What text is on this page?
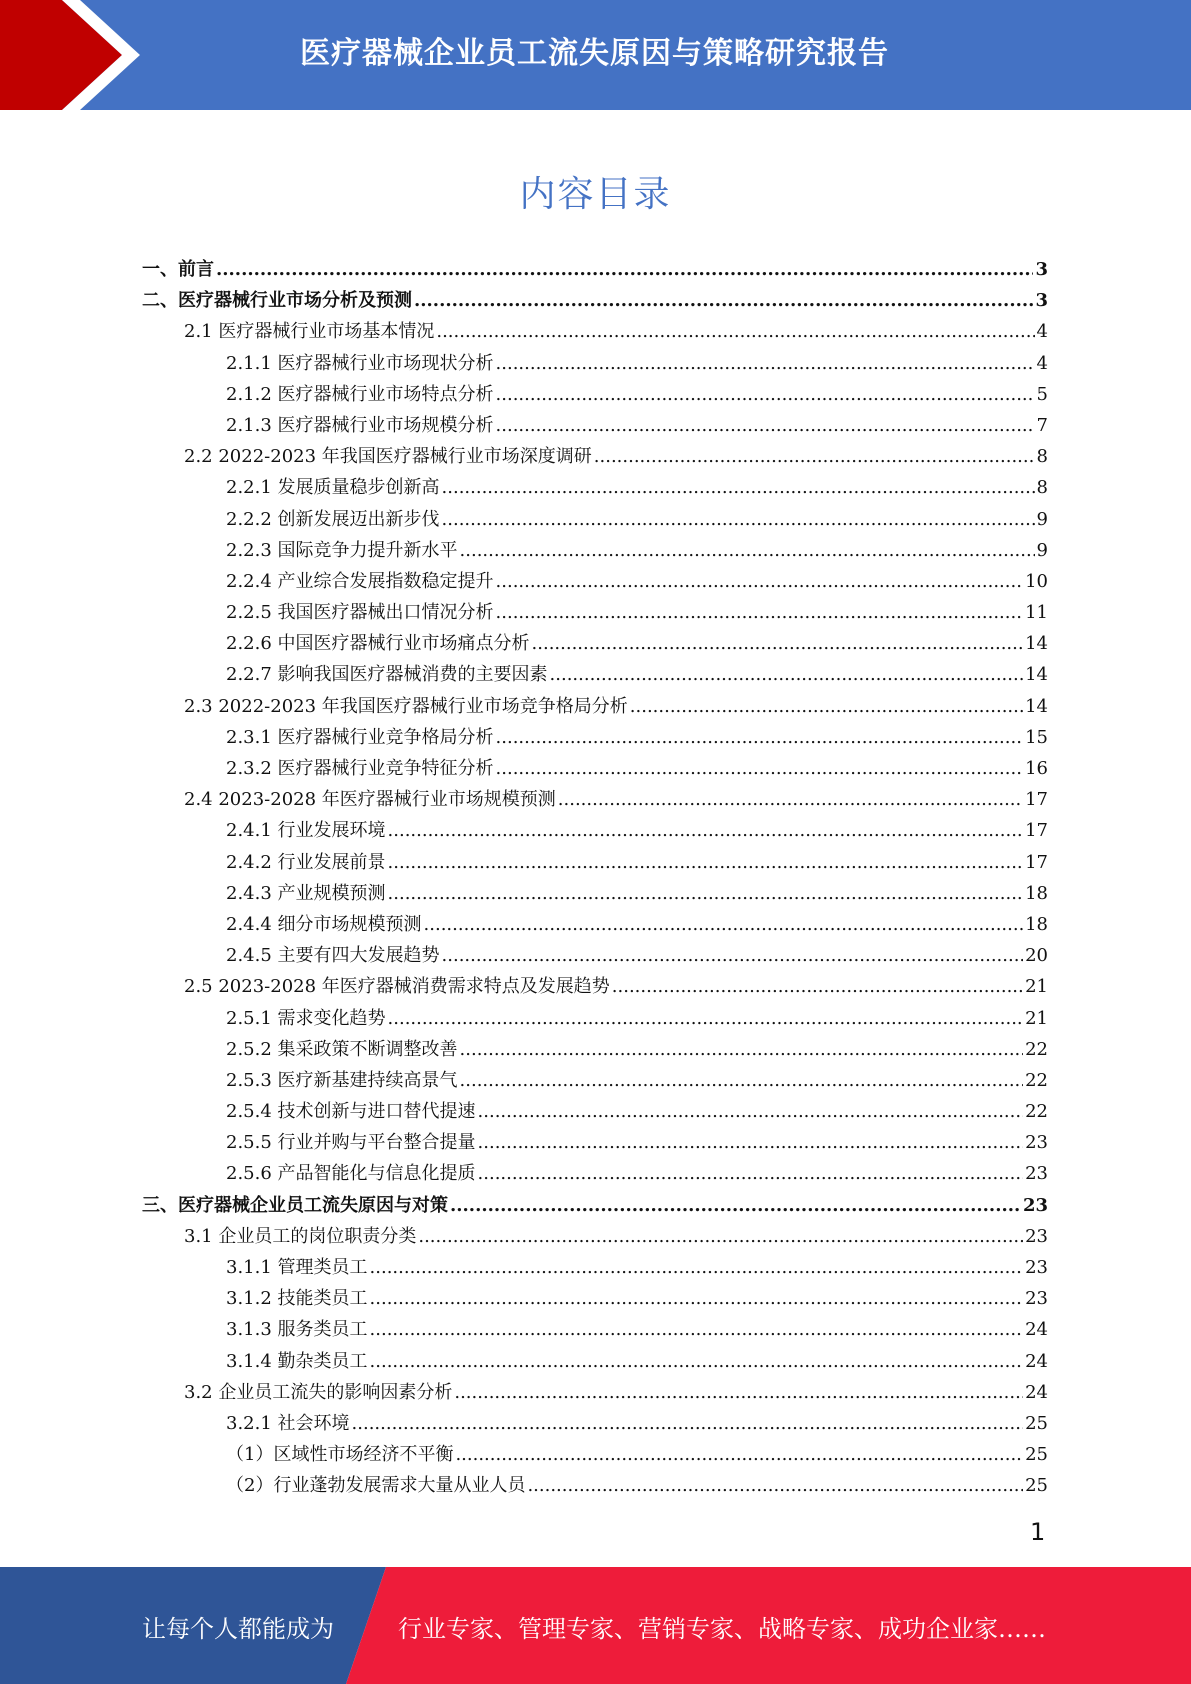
医疗器械企业员工流失原因与策略研究报告
内容目录
一、前言 .....	3
二、医疗器械行业市场分析及预测 .....	3
2.1 医疗器械行业市场基本情况 .....	4
2.1.1 医疗器械行业市场现状分析 .....	4
2.1.2 医疗器械行业市场特点分析 .....	5
2.1.3 医疗器械行业市场规模分析 .....	7
2.2 2022-2023 年我国医疗器械行业市场深度调研 .....	8
2.2.1 发展质量稳步创新高 .....	8
2.2.2 创新发展迈出新步伐 .....	9
2.2.3 国际竞争力提升新水平 .....	9
2.2.4 产业综合发展指数稳定提升 .....	10
2.2.5 我国医疗器械出口情况分析 .....	11
2.2.6 中国医疗器械行业市场痛点分析 .....	14
2.2.7 影响我国医疗器械消费的主要因素 .....	14
2.3 2022-2023 年我国医疗器械行业市场竞争格局分析 .....	14
2.3.1 医疗器械行业竞争格局分析 .....	15
2.3.2 医疗器械行业竞争特征分析 .....	16
2.4 2023-2028 年医疗器械行业市场规模预测 .....	17
2.4.1 行业发展环境 .....	17
2.4.2 行业发展前景 .....	17
2.4.3 产业规模预测 .....	18
2.4.4 细分市场规模预测 .....	18
2.4.5 主要有四大发展趋势 .....	20
2.5 2023-2028 年医疗器械消费需求特点及发展趋势 .....	21
2.5.1 需求变化趋势 .....	21
2.5.2 集采政策不断调整改善 .....	22
2.5.3 医疗新基建持续高景气 .....	22
2.5.4 技术创新与进口替代提速 .....	22
2.5.5 行业并购与平台整合提量 .....	23
2.5.6 产品智能化与信息化提质 .....	23
三、医疗器械企业员工流失原因与对策 .....	23
3.1 企业员工的岗位职责分类 .....	23
3.1.1 管理类员工 .....	23
3.1.2 技能类员工 .....	23
3.1.3 服务类员工 .....	24
3.1.4 勤杂类员工 .....	24
3.2 企业员工流失的影响因素分析 .....	24
3.2.1 社会环境 .....	25
（1）区域性市场经济不平衡 .....	25
（2）行业蓬勃发展需求大量从业人员 .....	25
1
让每个人都能成为	行业专家、管理专家、营销专家、战略专家、成功企业家……
